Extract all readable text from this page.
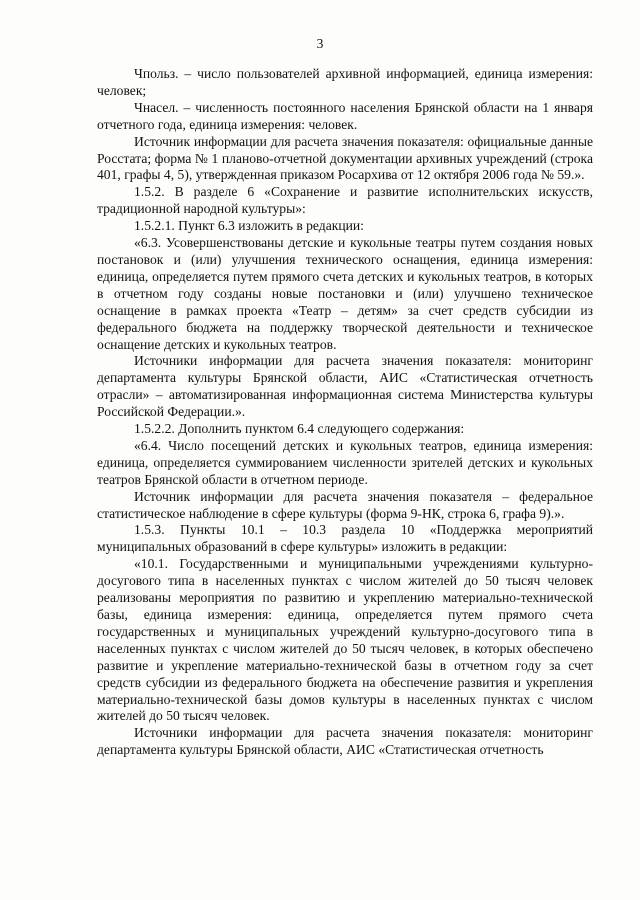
3

Чпольз. – число пользователей архивной информацией, единица измерения: человек;

Чнасел. – численность постоянного населения Брянской области на 1 января отчетного года, единица измерения: человек.

Источник информации для расчета значения показателя: официальные данные Росстата; форма № 1 планово-отчетной документации архивных учреждений (строка 401, графы 4, 5), утвержденная приказом Росархива от 12 октября 2006 года № 59.».

1.5.2. В разделе 6 «Сохранение и развитие исполнительских искусств, традиционной народной культуры»:

1.5.2.1. Пункт 6.3 изложить в редакции:

«6.3. Усовершенствованы детские и кукольные театры путем создания новых постановок и (или) улучшения технического оснащения, единица измерения: единица, определяется путем прямого счета детских и кукольных театров, в которых в отчетном году созданы новые постановки и (или) улучшено техническое оснащение в рамках проекта «Театр – детям» за счет средств субсидии из федерального бюджета на поддержку творческой деятельности и техническое оснащение детских и кукольных театров.

Источники информации для расчета значения показателя: мониторинг департамента культуры Брянской области, АИС «Статистическая отчетность отрасли» – автоматизированная информационная система Министерства культуры Российской Федерации.».

1.5.2.2. Дополнить пунктом 6.4 следующего содержания:

«6.4. Число посещений детских и кукольных театров, единица измерения: единица, определяется суммированием численности зрителей детских и кукольных театров Брянской области в отчетном периоде.

Источник информации для расчета значения показателя – федеральное статистическое наблюдение в сфере культуры (форма 9-НК, строка 6, графа 9).».

1.5.3. Пункты 10.1 – 10.3 раздела 10 «Поддержка мероприятий муниципальных образований в сфере культуры» изложить в редакции:

«10.1. Государственными и муниципальными учреждениями культурно-досугового типа в населенных пунктах с числом жителей до 50 тысяч человек реализованы мероприятия по развитию и укреплению материально-технической базы, единица измерения: единица, определяется путем прямого счета государственных и муниципальных учреждений культурно-досугового типа в населенных пунктах с числом жителей до 50 тысяч человек, в которых обеспечено развитие и укрепление материально-технической базы в отчетном году за счет средств субсидии из федерального бюджета на обеспечение развития и укрепления материально-технической базы домов культуры в населенных пунктах с числом жителей до 50 тысяч человек.

Источники информации для расчета значения показателя: мониторинг департамента культуры Брянской области, АИС «Статистическая отчетность
